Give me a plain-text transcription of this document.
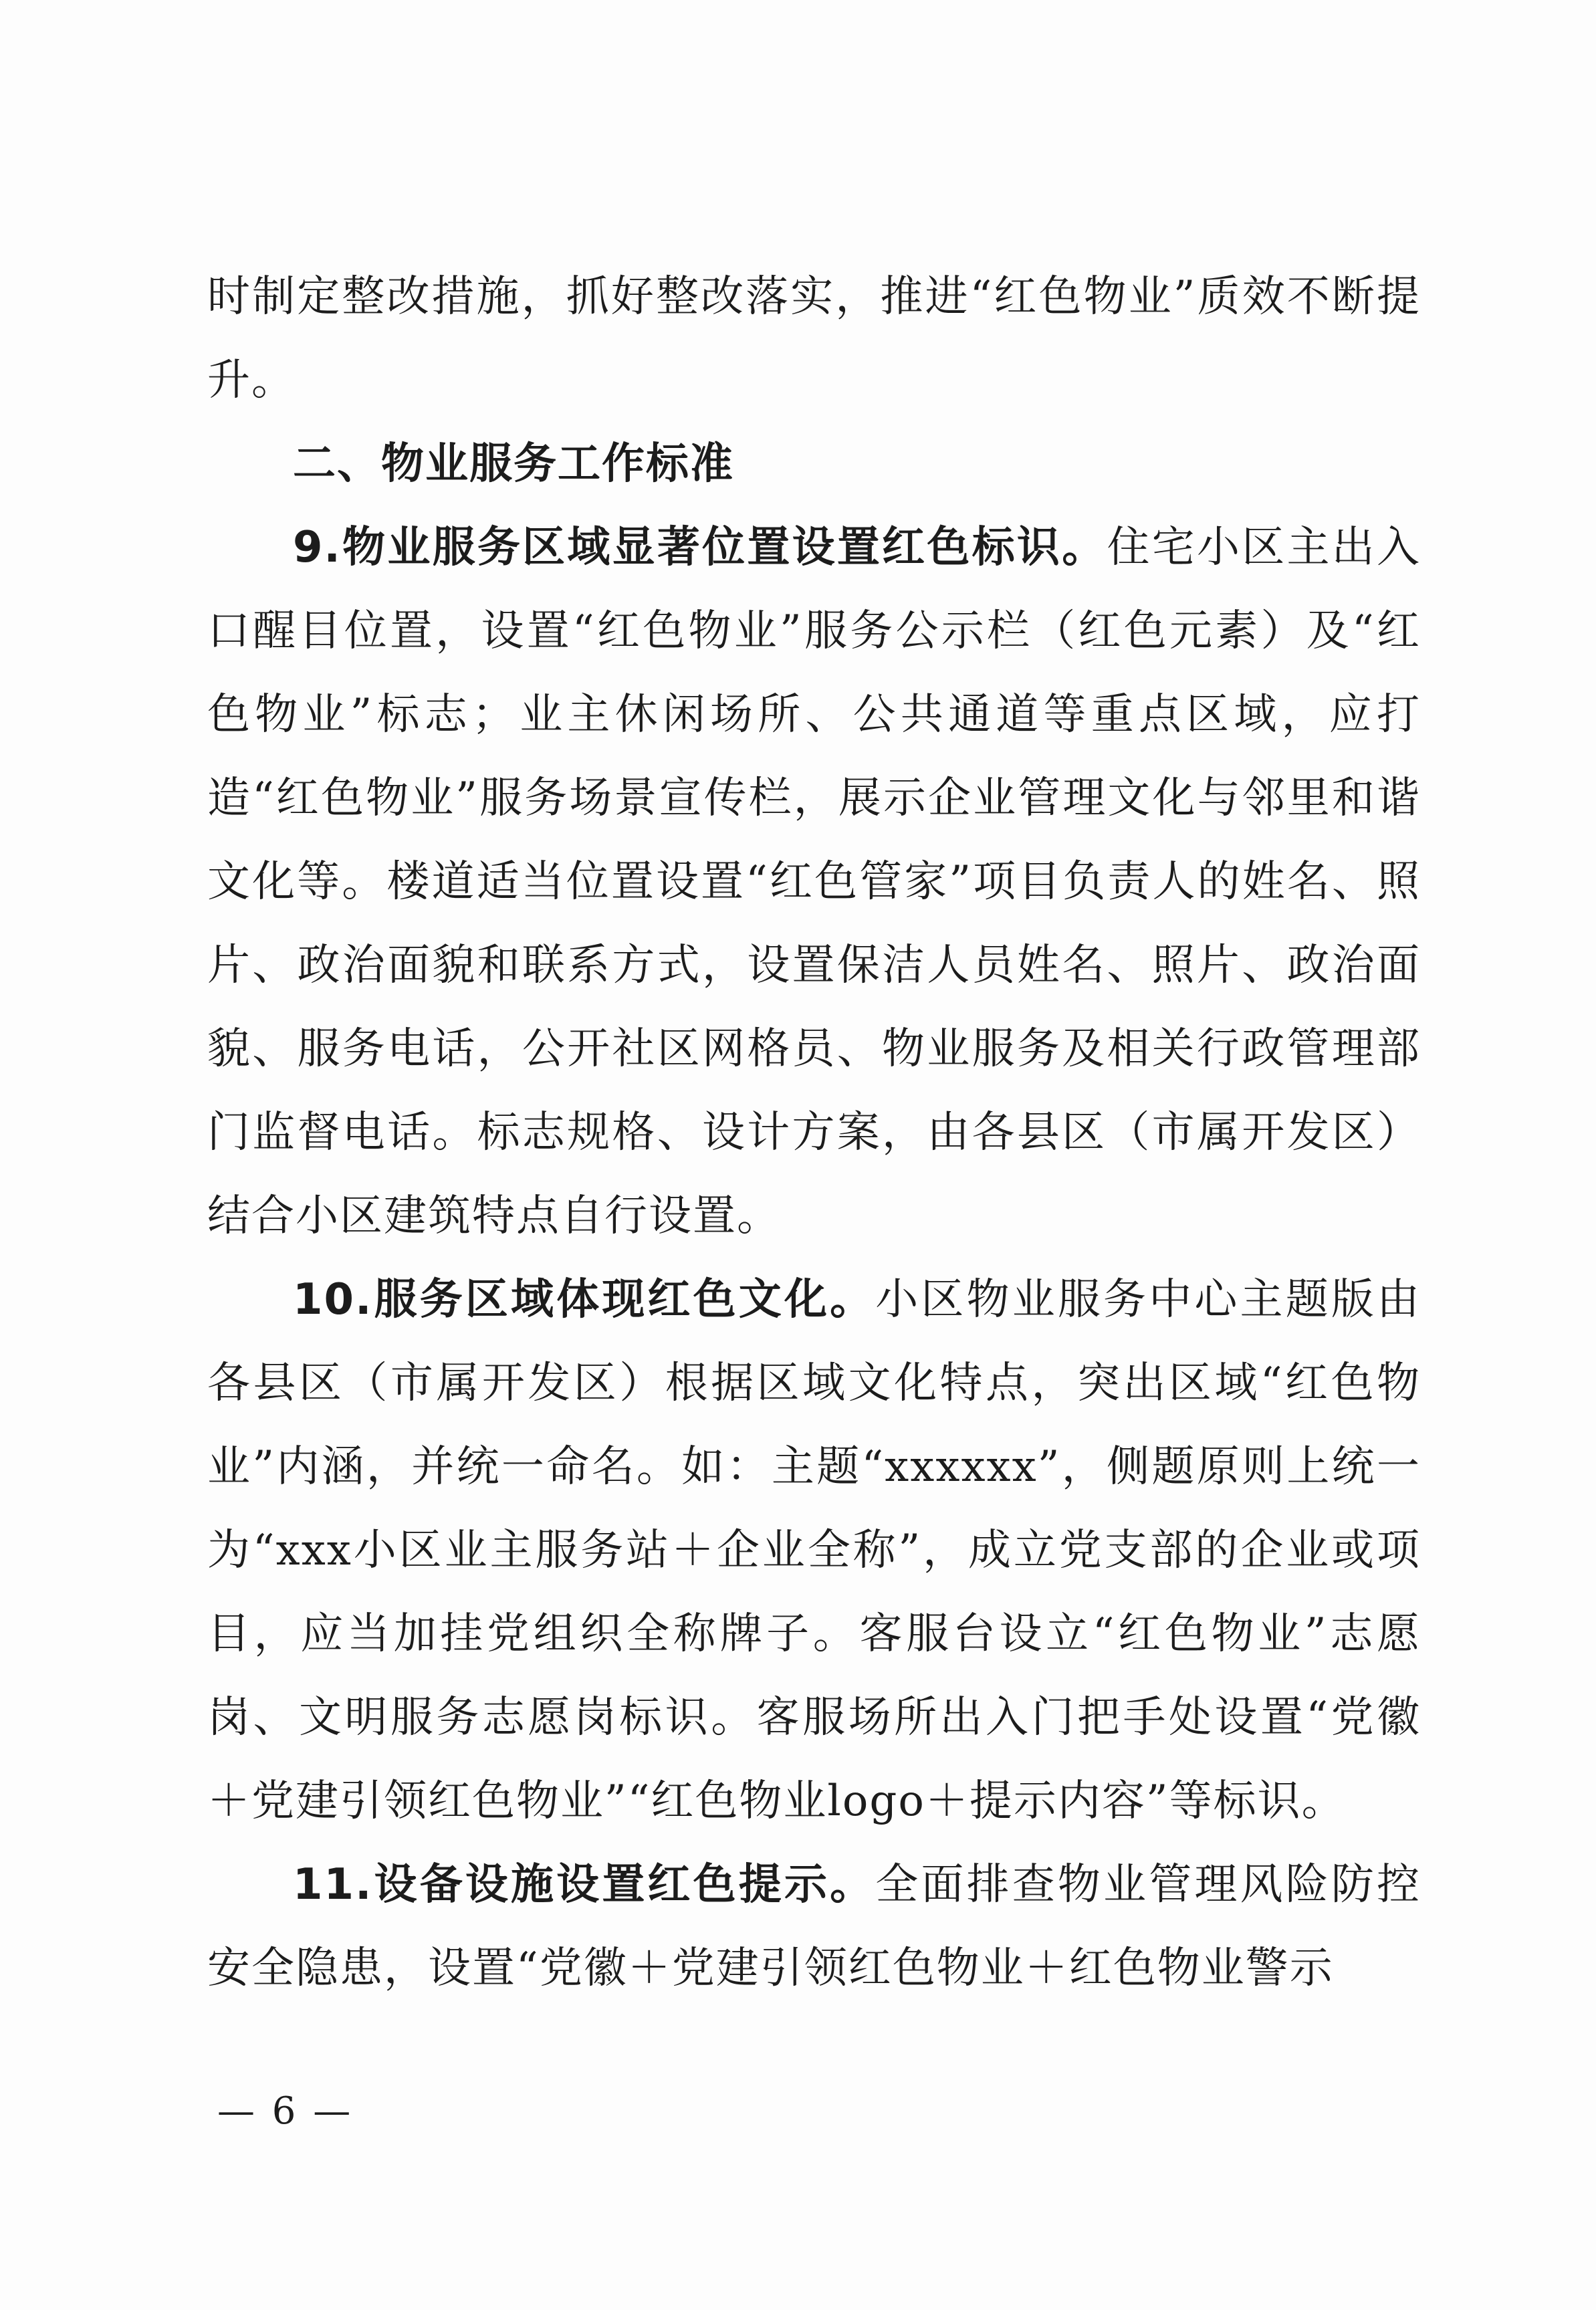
时制定整改措施，抓好整改落实，推进“红色物业”质效不断提升。

二、物业服务工作标准

9.物业服务区域显著位置设置红色标识。住宅小区主出入口醒目位置，设置“红色物业”服务公示栏（红色元素）及“红色物业”标志；业主休闲场所、公共通道等重点区域，应打造“红色物业”服务场景宣传栏，展示企业管理文化与邻里和谐文化等。楼道适当位置设置“红色管家”项目负责人的姓名、照片、政治面貌和联系方式，设置保洁人员姓名、照片、政治面貌、服务电话，公开社区网格员、物业服务及相关行政管理部门监督电话。标志规格、设计方案，由各县区（市属开发区）结合小区建筑特点自行设置。

10.服务区域体现红色文化。小区物业服务中心主题版由各县区（市属开发区）根据区域文化特点，突出区域“红色物业”内涵，并统一命名。如：主题“xxxxxx”，侧题原则上统一为“xxx小区业主服务站＋企业全称”，成立党支部的企业或项目，应当加挂党组织全称牌子。客服台设立“红色物业”志愿岗、文明服务志愿岗标识。客服场所出入门把手处设置“党徽＋党建引领红色物业”“红色物业logo＋提示内容”等标识。

11.设备设施设置红色提示。全面排查物业管理风险防控安全隐患，设置“党徽＋党建引领红色物业＋红色物业警示

— 6 —
